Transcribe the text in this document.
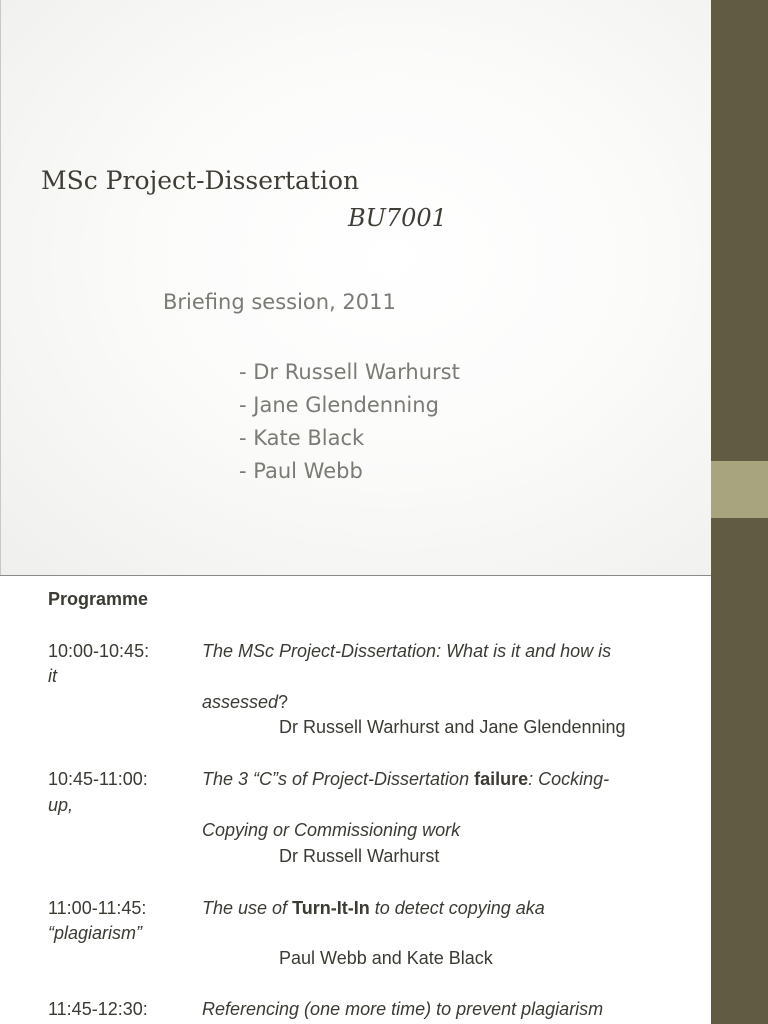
MSc Project-Dissertation
BU7001

Briefing session, 2011

- Dr Russell Warhurst
- Jane Glendenning
- Kate Black
- Paul Webb

Programme

10:00-10:45:	The MSc Project-Dissertation: What is it and how is

it

assessed?

Dr Russell Warhurst and Jane Glendenning

10:45-11:00:	The 3 “C”s of Project-Dissertation failure: Cocking-

up,

Copying or Commissioning work

Dr Russell Warhurst

11:00-11:45:	The use of Turn-It-In to detect copying aka

“plagiarism”

Paul Webb and Kate Black

11:45-12:30:	Referencing (one more time) to prevent plagiarism
